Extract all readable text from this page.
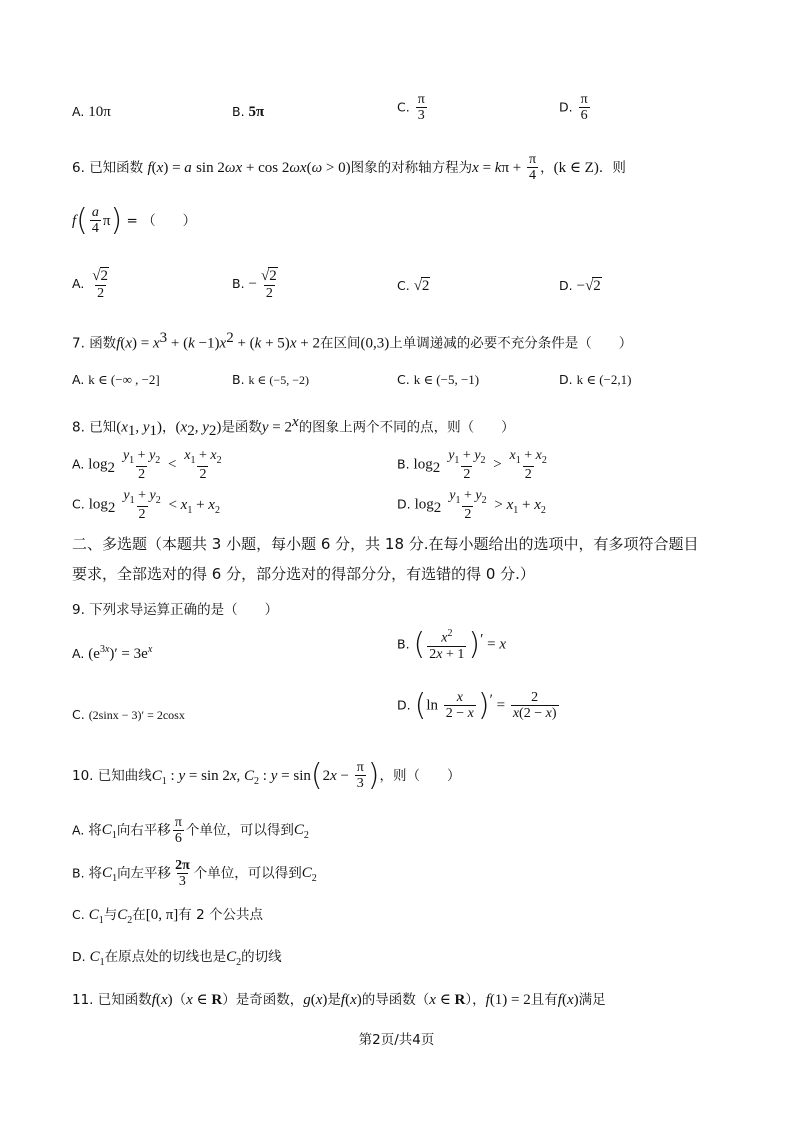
A. 10π	B. 5π	C. $\frac{\pi}{3}$	D. $\frac{\pi}{6}$
6. 已知函数 f(x) = a sin 2ωx + cos 2ωx(ω > 0)图象的对称轴方程为$x = k\pi + \frac{\pi}{4}$ ，(k ∈ Z)．则
$f( \frac{a}{4} \pi)$ = （　　）
A. $\frac{√2}{2}$	B. − $\frac{√2}{2}$	C. √2	D. −√2
7. 函数$f(x) = x^3 + (k -1)x^2 + (k + 5)x + 2$在区间(0,3)上单调递减的必要不充分条件是（　　）
A. k ∈ (−∞ , −2]	B. k ∈ (−5, −2)	C. k ∈ (−5, −1)	D. k ∈ (−2,1)
8. 已知($x_1$, $y_1$)，($x_2$, $y_2$)是函数$y = 2^x$的图象上两个不同的点，则（　　）
A. $\log_2 \frac{y_1 + y_2}{2} < \frac{x_1 + x_2}{2}$	B. $\log_2 \frac{y_1 + y_2}{2} > \frac{x_1 + x_2}{2}$
C. $\log_2 \frac{y_1 + y_2}{2} < x_1 + x_2$	D. $\log_2 \frac{y_1 + y_2}{2} > x_1 + x_2$
二、多选题（本题共 3 小题，每小题 6 分，共 18 分.在每小题给出的选项中，有多项符合题目
要求，全部选对的得 6 分，部分选对的得部分分，有选错的得 0 分.）
9. 下列求导运算正确的是（　　）
A. $(e^{3x})' = 3e^x$	B. ( $\frac{x^2}{2x + 1} )' = x$
C. (2sinx − 3)′ = 2cosx
D. $(\ln \frac{x}{2 - x} )' = \frac{2}{x(2 - x)}$
10. 已知曲线$C_1$ : y = sin 2x, $C_2$ : $y = \sin(2x - \frac{\pi}{3}$ )，则（　　）
A. 将$C_1$向右平移 $\frac{\pi}{6}$ 个单位，可以得到$C_2$
B. 将$C_1$向左平移 $\frac{2\pi}{3}$ 个单位，可以得到$C_2$
C. $C_1$与$C_2$在[0, π]有 2 个公共点
D. $C_1$在原点处的切线也是$C_2$的切线
11. 已知函数f(x)（x ∈ R）是奇函数，g(x)是f(x)的导函数（x ∈ R），f(1) = 2且有f(x)满足
第2页/共4页
